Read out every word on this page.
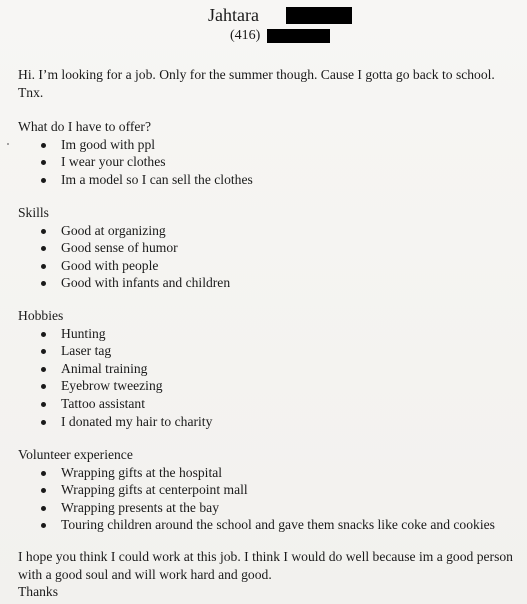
Jahtara
(416)
Hi. I’m looking for a job. Only for the summer though. Cause I gotta go back to school. Tnx.
What do I have to offer?
Im good with ppl
I wear your clothes
Im a model so I can sell the clothes
Skills
Good at organizing
Good sense of humor
Good with people
Good with infants and children
Hobbies
Hunting
Laser tag
Animal training
Eyebrow tweezing
Tattoo assistant
I donated my hair to charity
Volunteer experience
Wrapping gifts at the hospital
Wrapping gifts at centerpoint mall
Wrapping presents at the bay
Touring children around the school and gave them snacks like coke and cookies
I hope you think I could work at this job. I think I would do well because im a good person with a good soul and will work hard and good.
Thanks
